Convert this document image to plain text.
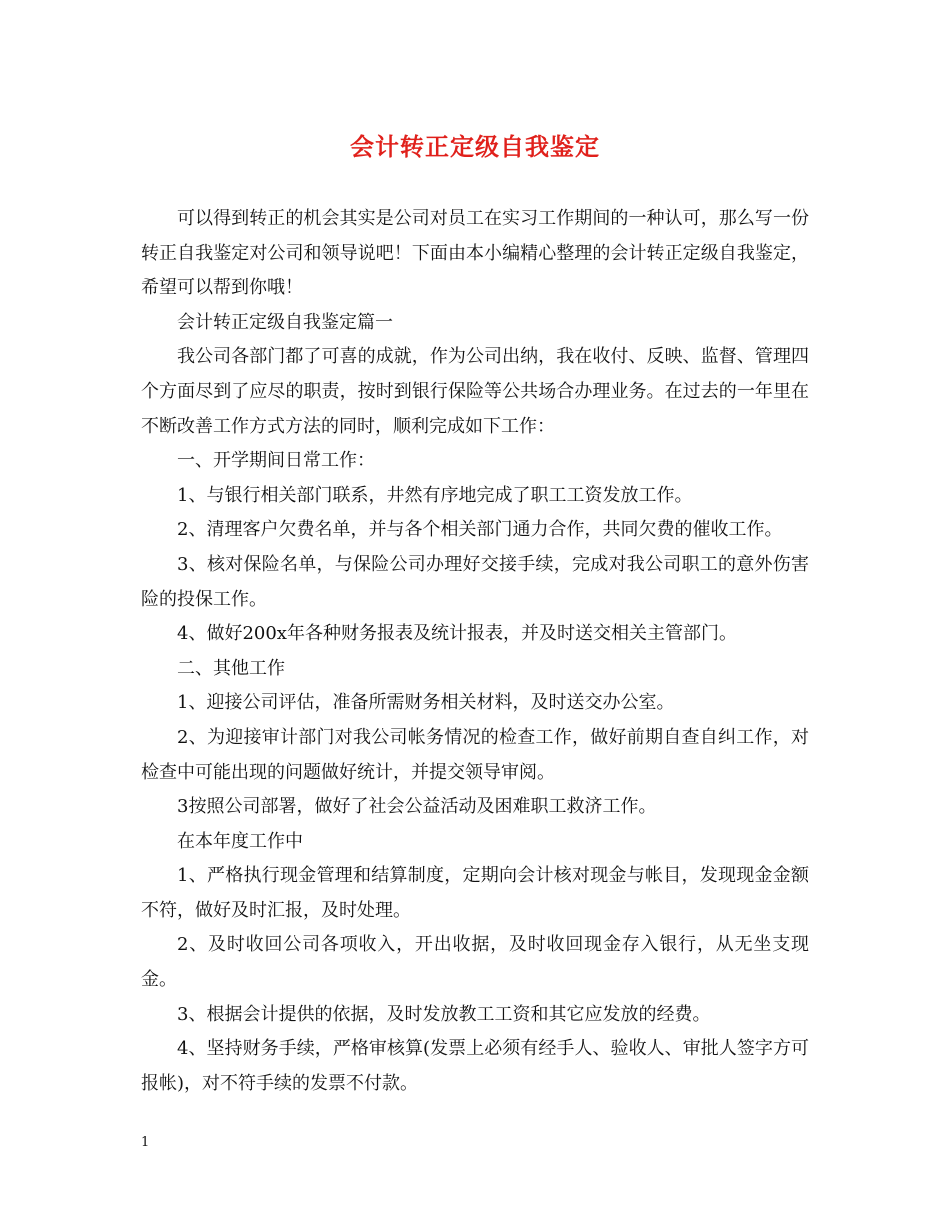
会计转正定级自我鉴定

可以得到转正的机会其实是公司对员工在实习工作期间的一种认可，那么写一份转正自我鉴定对公司和领导说吧！下面由本小编精心整理的会计转正定级自我鉴定，希望可以帮到你哦！

会计转正定级自我鉴定篇一

我公司各部门都了可喜的成就，作为公司出纳，我在收付、反映、监督、管理四个方面尽到了应尽的职责，按时到银行保险等公共场合办理业务。在过去的一年里在不断改善工作方式方法的同时，顺利完成如下工作：

一、开学期间日常工作：

1、与银行相关部门联系，井然有序地完成了职工工资发放工作。

2、清理客户欠费名单，并与各个相关部门通力合作，共同欠费的催收工作。

3、核对保险名单，与保险公司办理好交接手续，完成对我公司职工的意外伤害险的投保工作。

4、做好200x年各种财务报表及统计报表，并及时送交相关主管部门。

二、其他工作

1、迎接公司评估，准备所需财务相关材料，及时送交办公室。

2、为迎接审计部门对我公司帐务情况的检查工作，做好前期自查自纠工作，对检查中可能出现的问题做好统计，并提交领导审阅。

3按照公司部署，做好了社会公益活动及困难职工救济工作。

在本年度工作中

1、严格执行现金管理和结算制度，定期向会计核对现金与帐目，发现现金金额不符，做好及时汇报，及时处理。

2、及时收回公司各项收入，开出收据，及时收回现金存入银行，从无坐支现金。

3、根据会计提供的依据，及时发放教工工资和其它应发放的经费。

4、坚持财务手续，严格审核算(发票上必须有经手人、验收人、审批人签字方可报帐)，对不符手续的发票不付款。

1
